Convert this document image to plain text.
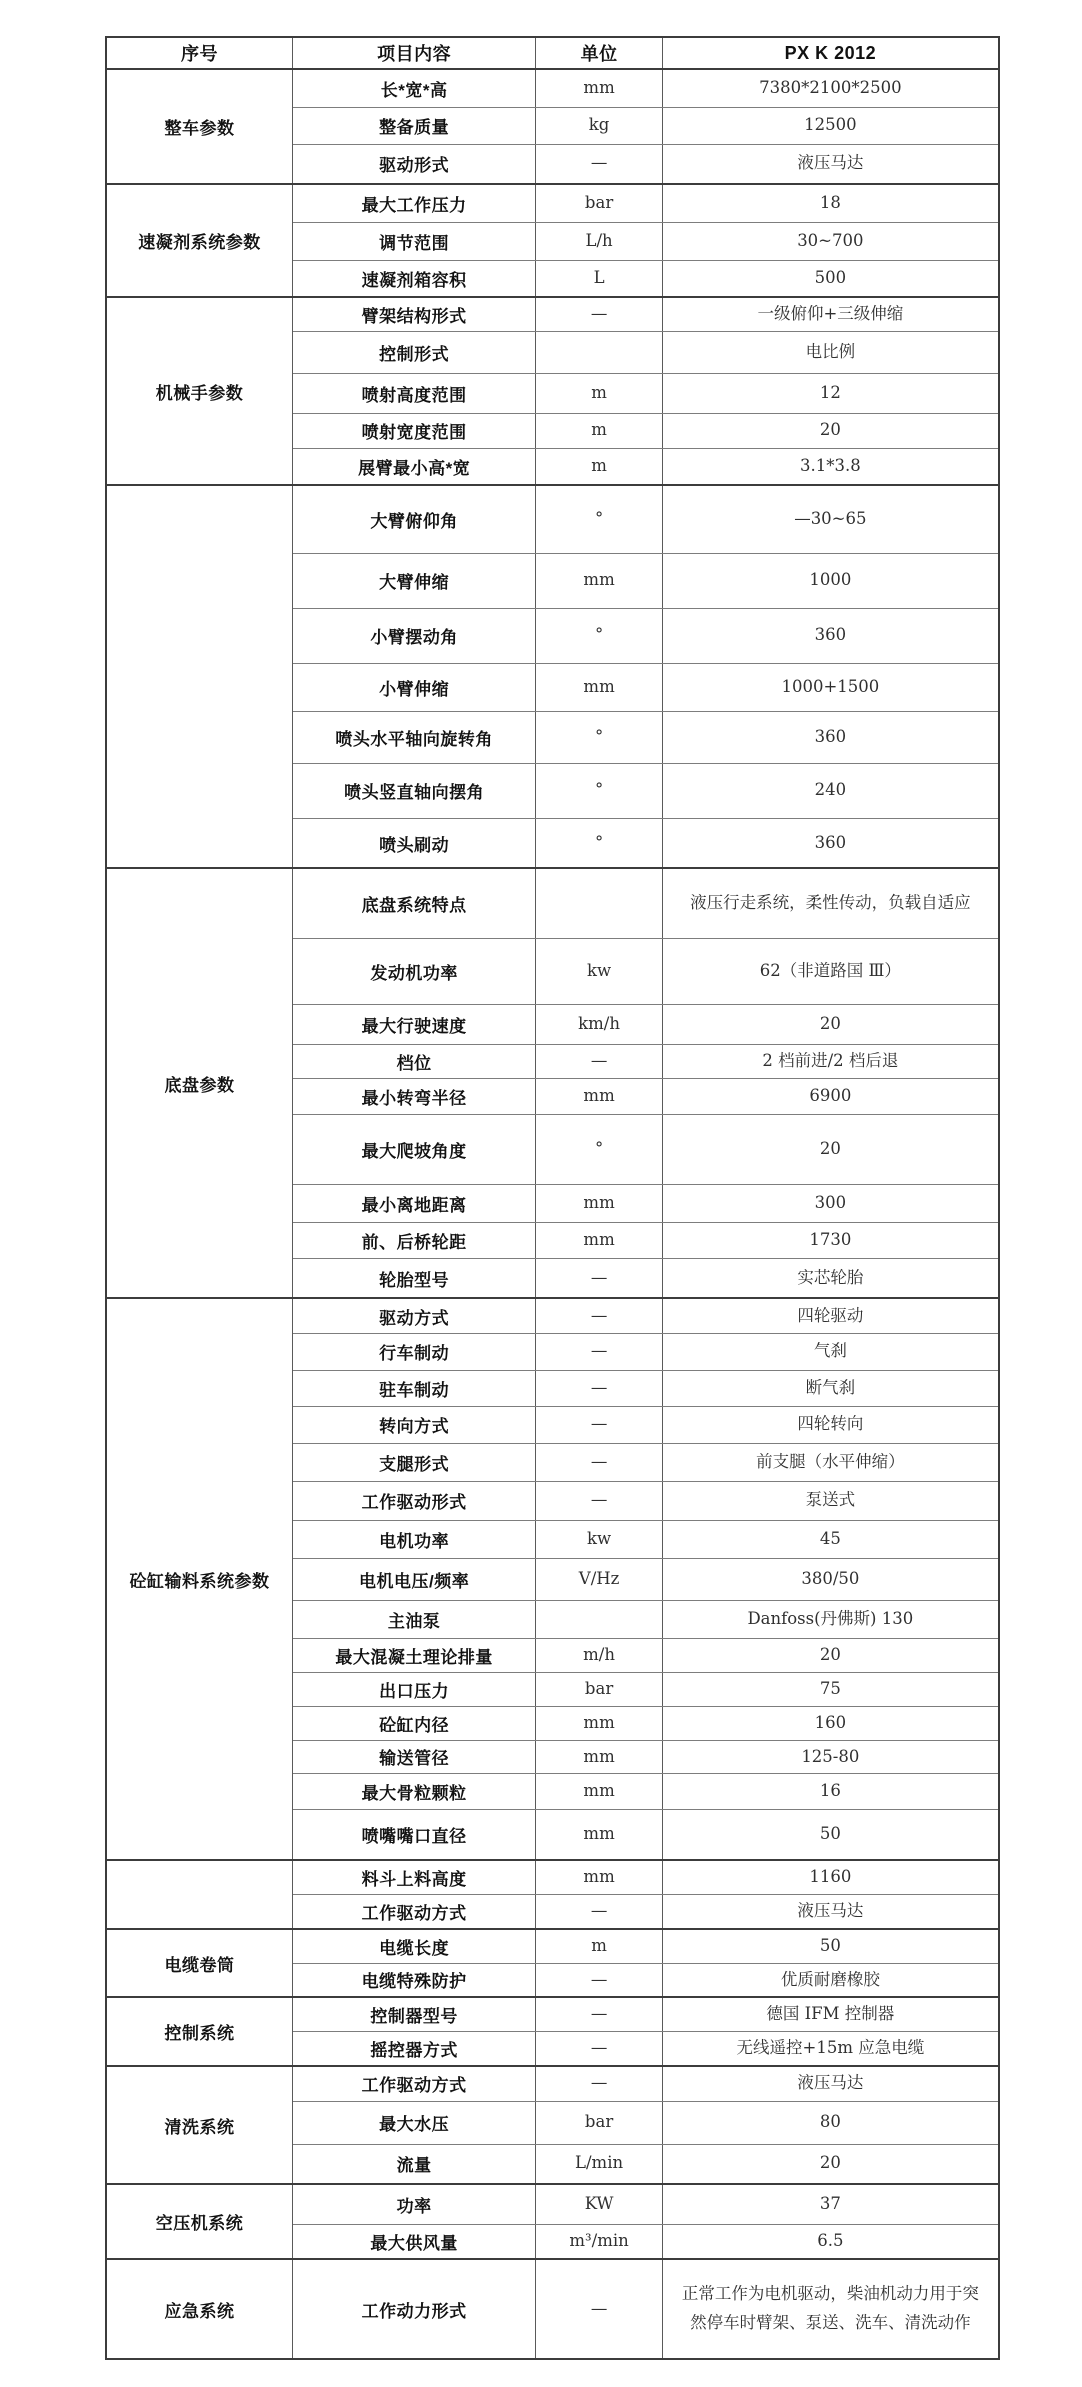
序号	项目内容	单位	PX K 2012
整车参数	长*宽*高	mm	7380*2100*2500
	整备质量	kg	12500
	驱动形式	—	液压马达
速凝剂系统参数	最大工作压力	bar	18
	调节范围	L/h	30~700
	速凝剂箱容积	L	500
机械手参数	臂架结构形式	—	一级俯仰+三级伸缩
	控制形式		电比例
	喷射高度范围	m	12
	喷射宽度范围	m	20
	展臂最小高*宽	m	3.1*3.8
	大臂俯仰角	°	—30~65
	大臂伸缩	mm	1000
	小臂摆动角	°	360
	小臂伸缩	mm	1000+1500
	喷头水平轴向旋转角	°	360
	喷头竖直轴向摆角	°	240
	喷头刷动	°	360
底盘参数	底盘系统特点		液压行走系统，柔性传动，负载自适应
	发动机功率	kw	62（非道路国 Ⅲ）
	最大行驶速度	km/h	20
	档位	—	2 档前进/2 档后退
	最小转弯半径	mm	6900
	最大爬坡角度	°	20
	最小离地距离	mm	300
	前、后桥轮距	mm	1730
	轮胎型号	—	实芯轮胎
砼缸输料系统参数	驱动方式	—	四轮驱动
	行车制动	—	气刹
	驻车制动	—	断气刹
	转向方式	—	四轮转向
	支腿形式	—	前支腿（水平伸缩）
	工作驱动形式	—	泵送式
	电机功率	kw	45
	电机电压/频率	V/Hz	380/50
	主油泵		Danfoss(丹佛斯) 130
	最大混凝土理论排量	m/h	20
	出口压力	bar	75
	砼缸内径	mm	160
	输送管径	mm	125-80
	最大骨粒颗粒	mm	16
	喷嘴嘴口直径	mm	50
	料斗上料高度	mm	1160
	工作驱动方式	—	液压马达
电缆卷筒	电缆长度	m	50
	电缆特殊防护	—	优质耐磨橡胶
控制系统	控制器型号	—	德国 IFM 控制器
	摇控器方式	—	无线遥控+15m 应急电缆
清洗系统	工作驱动方式	—	液压马达
	最大水压	bar	80
	流量	L/min	20
空压机系统	功率	KW	37
	最大供风量	m³/min	6.5
应急系统	工作动力形式	—	正常工作为电机驱动，柴油机动力用于突然停车时臂架、泵送、洗车、清洗动作
